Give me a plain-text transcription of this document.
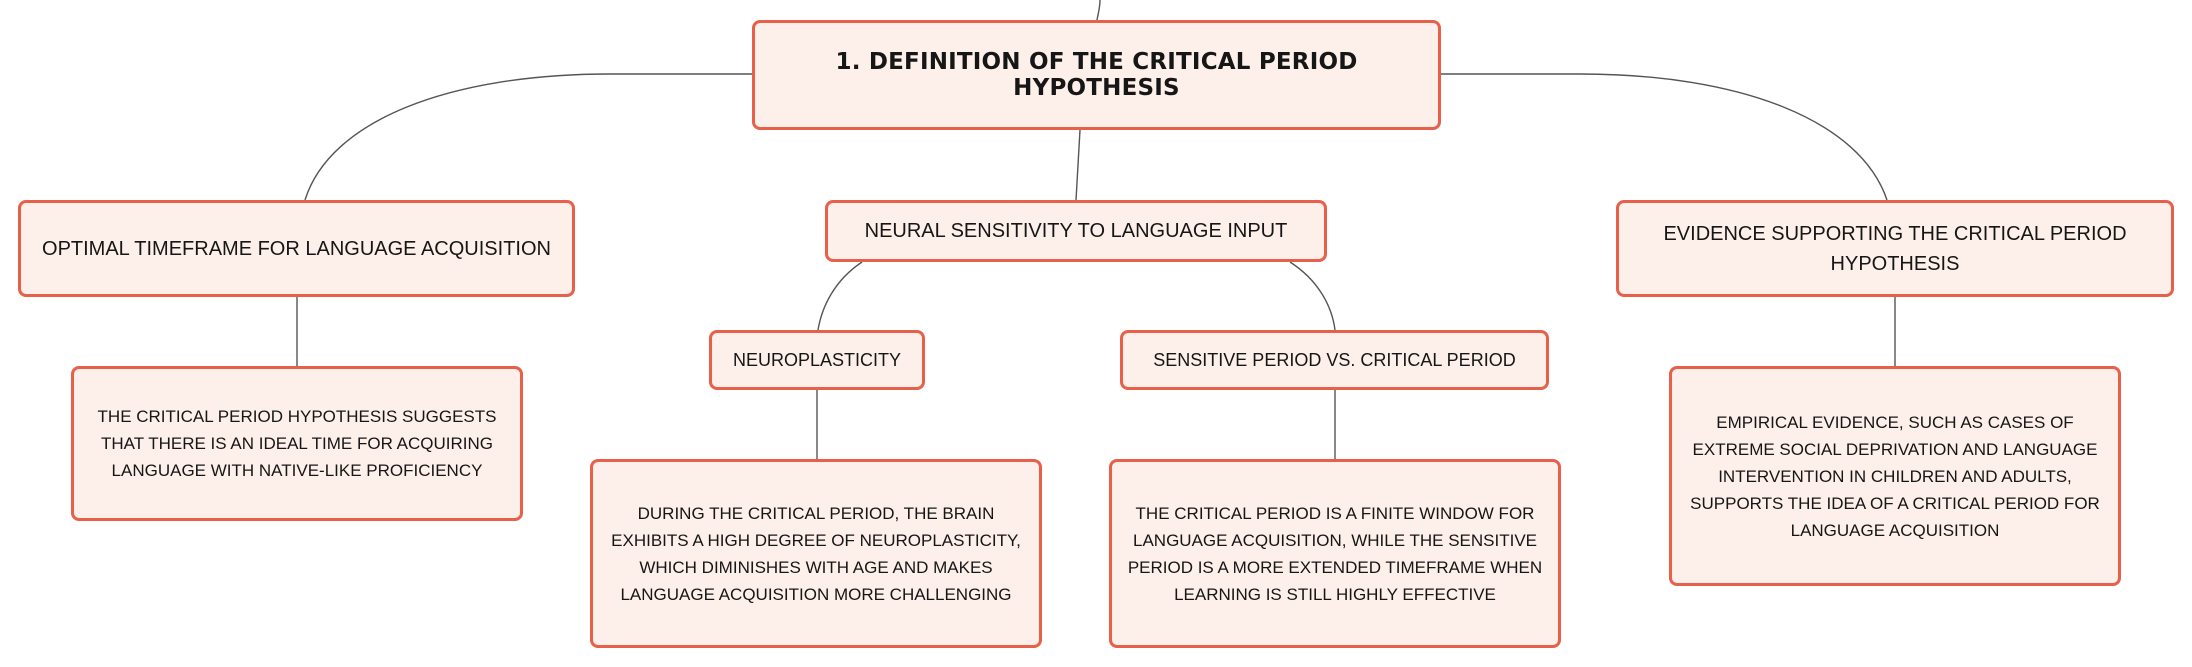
1. DEFINITION OF THE CRITICAL PERIOD HYPOTHESIS
OPTIMAL TIMEFRAME FOR LANGUAGE ACQUISITION
THE CRITICAL PERIOD HYPOTHESIS SUGGESTS THAT THERE IS AN IDEAL TIME FOR ACQUIRING LANGUAGE WITH NATIVE-LIKE PROFICIENCY
NEURAL SENSITIVITY TO LANGUAGE INPUT
NEUROPLASTICITY
DURING THE CRITICAL PERIOD, THE BRAIN EXHIBITS A HIGH DEGREE OF NEUROPLASTICITY, WHICH DIMINISHES WITH AGE AND MAKES LANGUAGE ACQUISITION MORE CHALLENGING
SENSITIVE PERIOD VS. CRITICAL PERIOD
THE CRITICAL PERIOD IS A FINITE WINDOW FOR LANGUAGE ACQUISITION, WHILE THE SENSITIVE PERIOD IS A MORE EXTENDED TIMEFRAME WHEN LEARNING IS STILL HIGHLY EFFECTIVE
EVIDENCE SUPPORTING THE CRITICAL PERIOD HYPOTHESIS
EMPIRICAL EVIDENCE, SUCH AS CASES OF EXTREME SOCIAL DEPRIVATION AND LANGUAGE INTERVENTION IN CHILDREN AND ADULTS, SUPPORTS THE IDEA OF A CRITICAL PERIOD FOR LANGUAGE ACQUISITION
